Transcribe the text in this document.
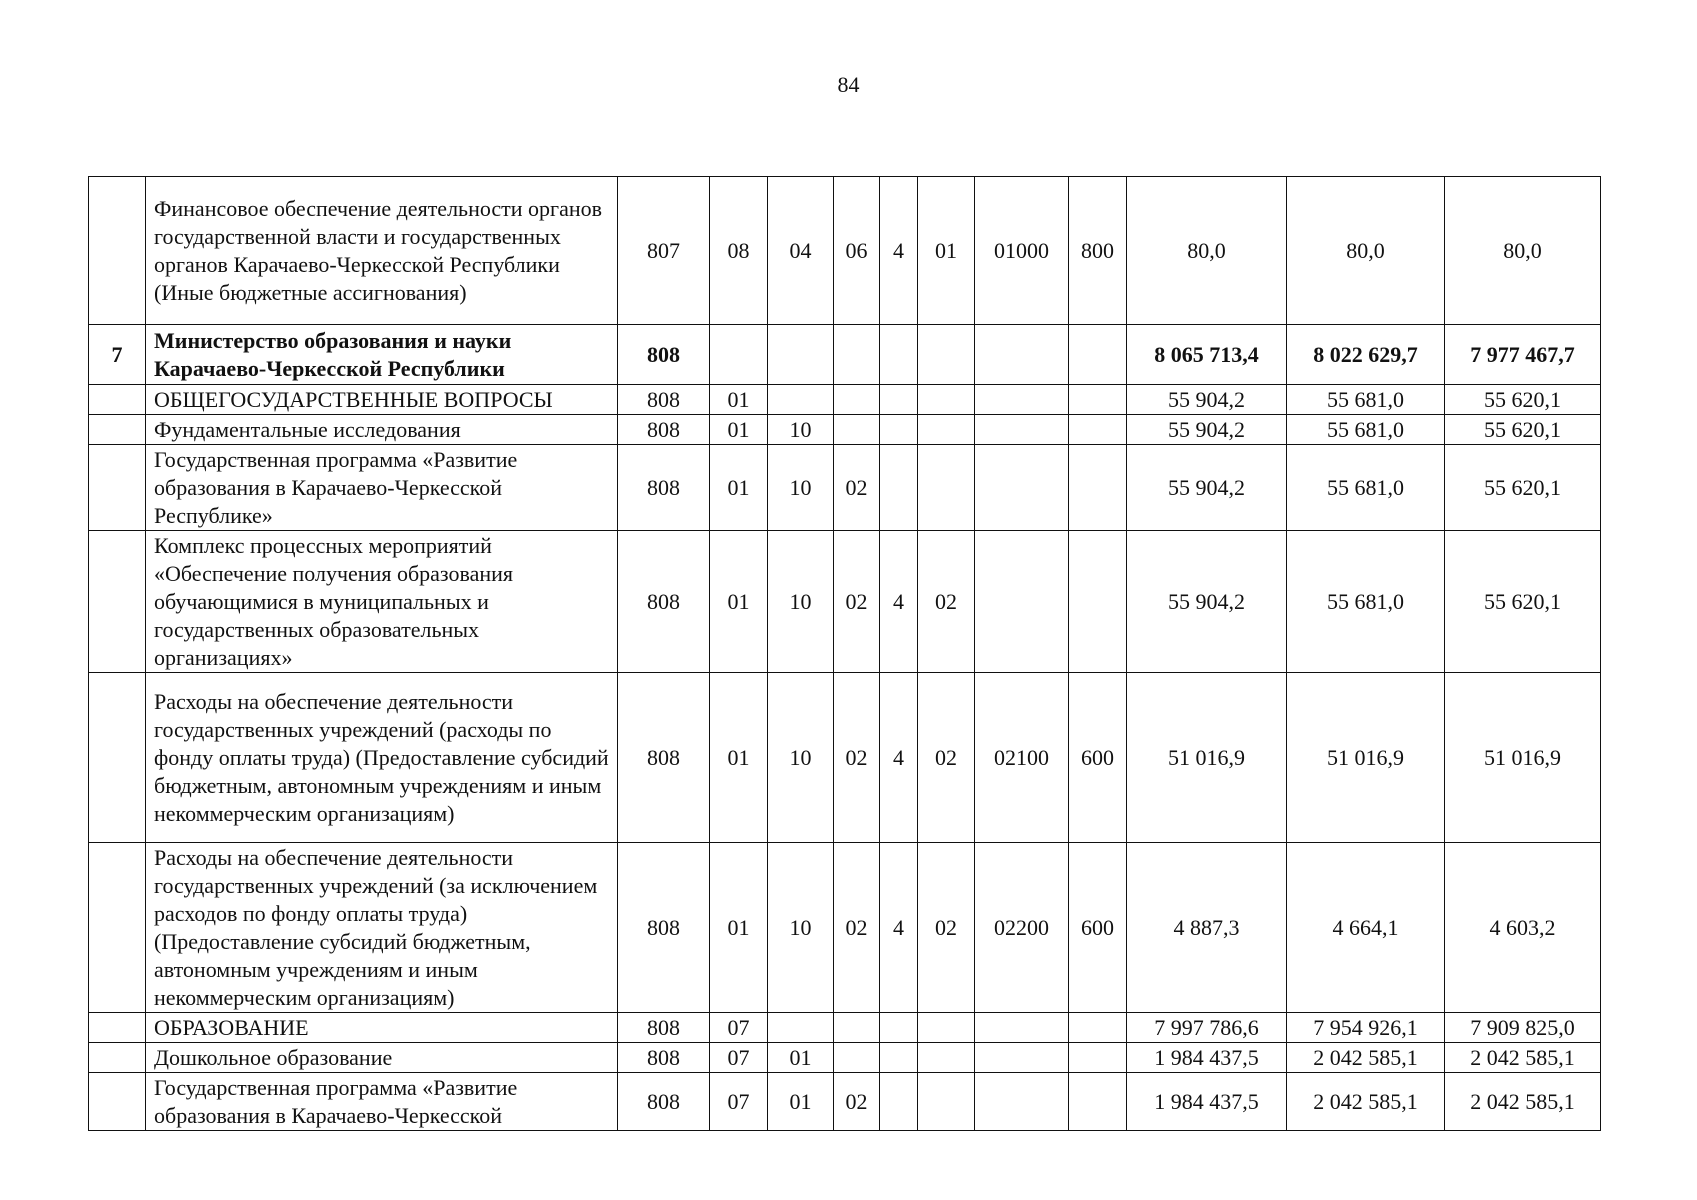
84
	Финансовое обеспечение деятельности органов государственной власти и государственных органов Карачаево-Черкесской Республики (Иные бюджетные ассигнования)	807	08	04	06	4	01	01000	800	80,0	80,0	80,0
7	Министерство образования и науки Карачаево-Черкесской Республики	808								8 065 713,4	8 022 629,7	7 977 467,7
	ОБЩЕГОСУДАРСТВЕННЫЕ ВОПРОСЫ	808	01							55 904,2	55 681,0	55 620,1
	Фундаментальные исследования	808	01	10						55 904,2	55 681,0	55 620,1
	Государственная программа «Развитие образования в Карачаево-Черкесской Республике»	808	01	10	02					55 904,2	55 681,0	55 620,1
	Комплекс процессных мероприятий «Обеспечение получения образования обучающимися в муниципальных и государственных образовательных организациях»	808	01	10	02	4	02			55 904,2	55 681,0	55 620,1
	Расходы на обеспечение деятельности государственных учреждений (расходы по фонду оплаты труда) (Предоставление субсидий бюджетным, автономным учреждениям и иным некоммерческим организациям)	808	01	10	02	4	02	02100	600	51 016,9	51 016,9	51 016,9
	Расходы на обеспечение деятельности государственных учреждений (за исключением расходов по фонду оплаты труда) (Предоставление субсидий бюджетным, автономным учреждениям и иным некоммерческим организациям)	808	01	10	02	4	02	02200	600	4 887,3	4 664,1	4 603,2
	ОБРАЗОВАНИЕ	808	07							7 997 786,6	7 954 926,1	7 909 825,0
	Дошкольное образование	808	07	01						1 984 437,5	2 042 585,1	2 042 585,1
	Государственная программа «Развитие образования в Карачаево-Черкесской	808	07	01	02					1 984 437,5	2 042 585,1	2 042 585,1
